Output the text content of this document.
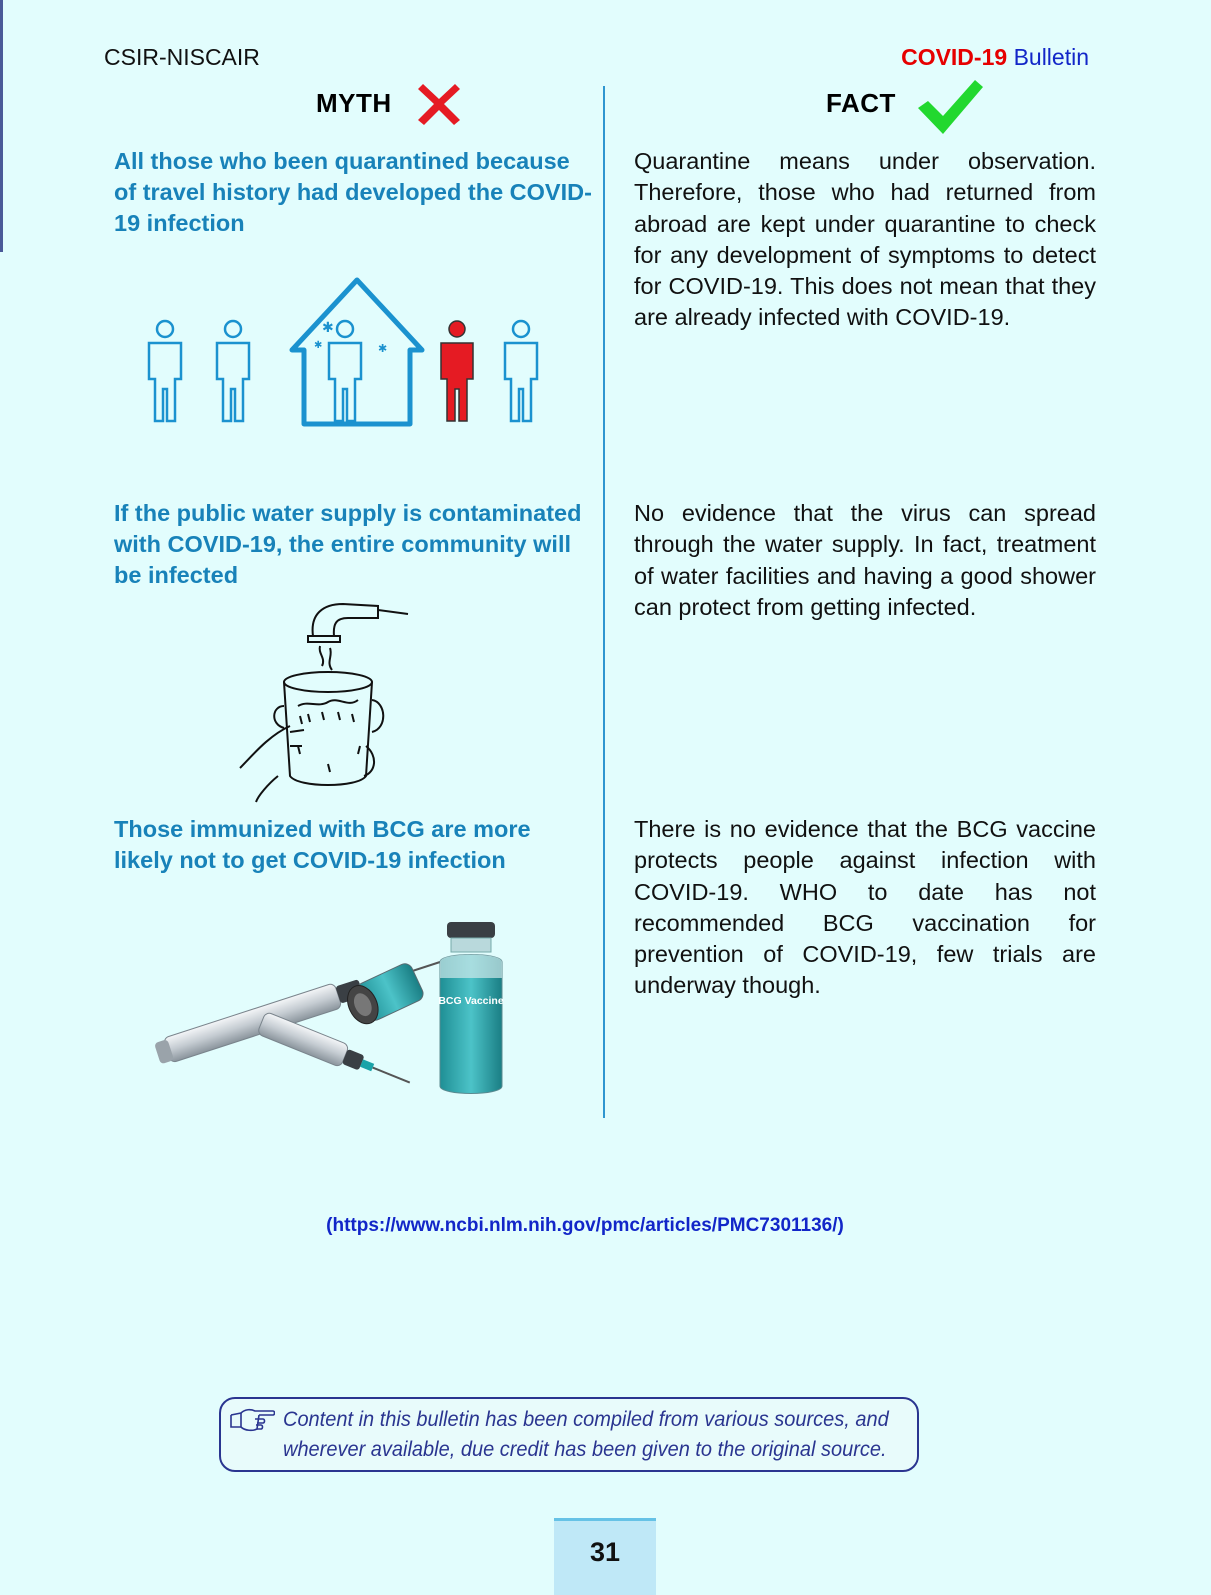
CSIR-NISCAIR	COVID-19 Bulletin
MYTH	FACT
All those who been quarantined because of travel history had developed the COVID-19 infection
Quarantine means under observation. Therefore, those who had returned from abroad are kept under quarantine to check for any development of symptoms to detect for COVID-19. This does not mean that they are already infected with COVID-19.
✱
✱	✱
If the public water supply is contaminated with COVID-19, the entire community will be infected
No evidence that the virus can spread through the water supply. In fact, treatment of water facilities and having a good shower can protect from getting infected.
Those immunized with BCG are more likely not to get COVID-19 infection
There is no evidence that the BCG vaccine protects people against infection with COVID-19. WHO to date has not recommended BCG vaccination for prevention of COVID-19, few trials are underway though.
BCG Vaccine
(https://www.ncbi.nlm.nih.gov/pmc/articles/PMC7301136/)
Content in this bulletin has been compiled from various sources, and
wherever available, due credit has been given to the original source.
31
